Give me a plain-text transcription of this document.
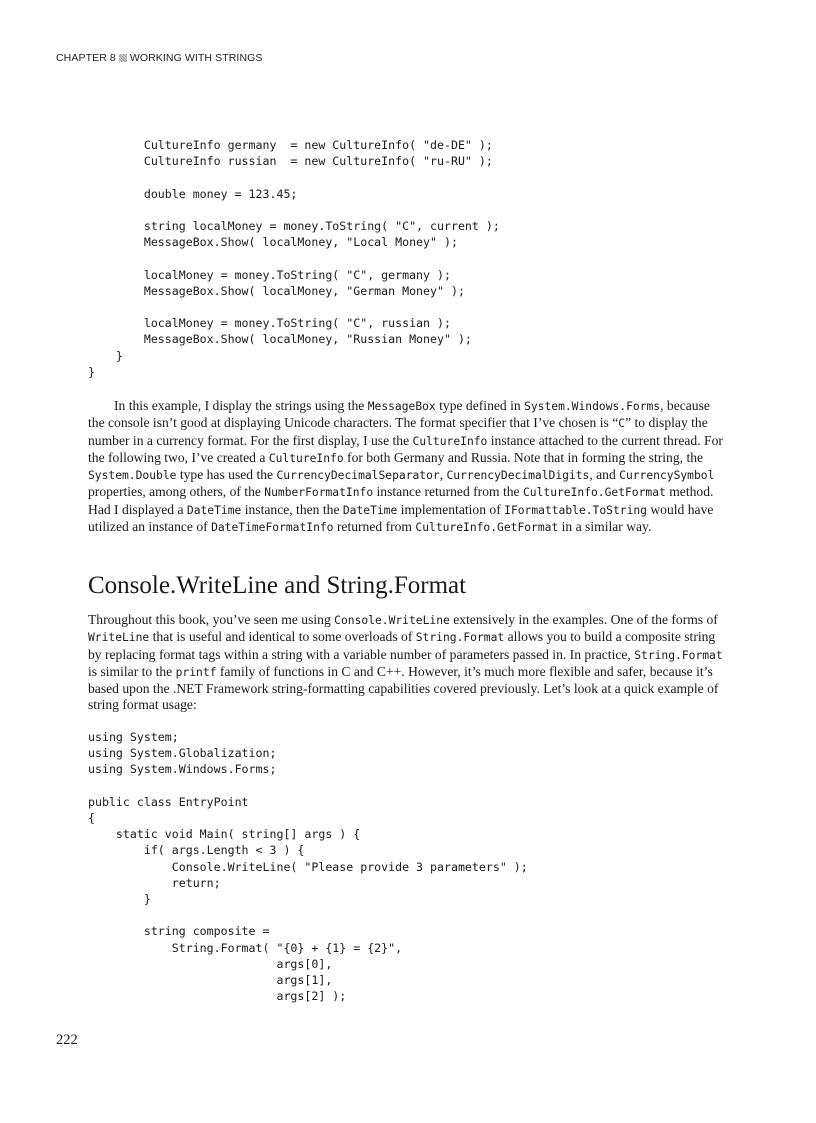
CHAPTER 8 WORKING WITH STRINGS
CultureInfo germany  = new CultureInfo( "de-DE" );
CultureInfo russian  = new CultureInfo( "ru-RU" );

double money = 123.45;

string localMoney = money.ToString( "C", current );
MessageBox.Show( localMoney, "Local Money" );

localMoney = money.ToString( "C", germany );
MessageBox.Show( localMoney, "German Money" );

localMoney = money.ToString( "C", russian );
MessageBox.Show( localMoney, "Russian Money" );
}
}

In this example, I display the strings using the MessageBox type defined in System.Windows.Forms, because the console isn’t good at displaying Unicode characters. The format specifier that I’ve chosen is “C” to display the number in a currency format. For the first display, I use the CultureInfo instance attached to the current thread. For the following two, I’ve created a CultureInfo for both Germany and Russia. Note that in forming the string, the System.Double type has used the CurrencyDecimalSeparator, CurrencyDecimalDigits, and CurrencySymbol properties, among others, of the NumberFormatInfo instance returned from the CultureInfo.GetFormat method. Had I displayed a DateTime instance, then the DateTime implementation of IFormattable.ToString would have utilized an instance of DateTimeFormatInfo returned from CultureInfo.GetFormat in a similar way.

Console.WriteLine and String.Format

Throughout this book, you’ve seen me using Console.WriteLine extensively in the examples. One of the forms of WriteLine that is useful and identical to some overloads of String.Format allows you to build a composite string by replacing format tags within a string with a variable number of parameters passed in. In practice, String.Format is similar to the printf family of functions in C and C++. However, it’s much more flexible and safer, because it’s based upon the .NET Framework string-formatting capabilities covered previously. Let’s look at a quick example of string format usage:

using System;
using System.Globalization;
using System.Windows.Forms;

public class EntryPoint
{
static void Main( string[] args ) {
if( args.Length < 3 ) {
Console.WriteLine( "Please provide 3 parameters" );
return;
}

string composite =
String.Format( "{0} + {1} = {2}",
args[0],
args[1],
args[2] );
222
